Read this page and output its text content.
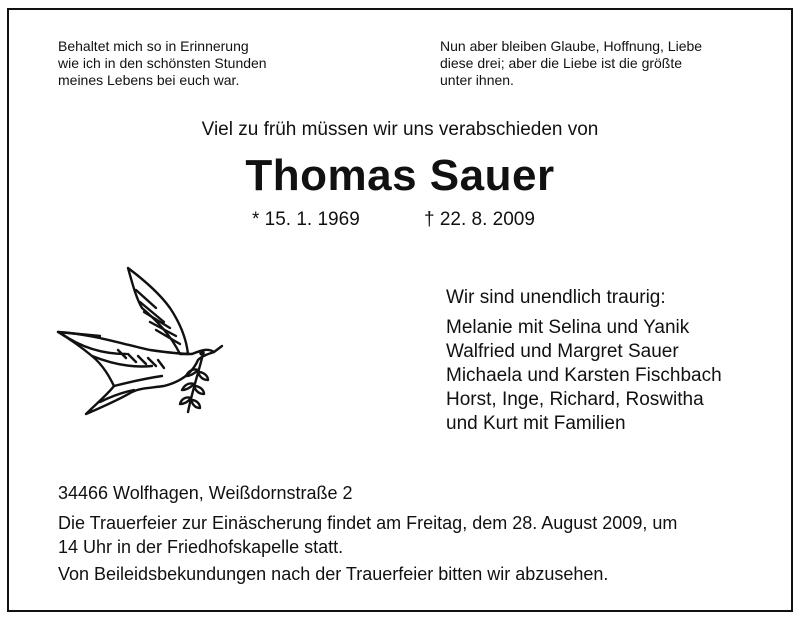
Behaltet mich so in Erinnerung
wie ich in den schönsten Stunden
meines Lebens bei euch war.
Nun aber bleiben Glaube, Hoffnung, Liebe
diese drei; aber die Liebe ist die größte
unter ihnen.
Viel zu früh müssen wir uns verabschieden von
Thomas Sauer
* 15. 1. 1969	† 22. 8. 2009
Wir sind unendlich traurig:
Melanie mit Selina und Yanik
Walfried und Margret Sauer
Michaela und Karsten Fischbach
Horst, Inge, Richard, Roswitha
und Kurt mit Familien
34466 Wolfhagen, Weißdornstraße 2
Die Trauerfeier zur Einäscherung findet am Freitag, dem 28. August 2009, um
14 Uhr in der Friedhofskapelle statt.
Von Beileidsbekundungen nach der Trauerfeier bitten wir abzusehen.
